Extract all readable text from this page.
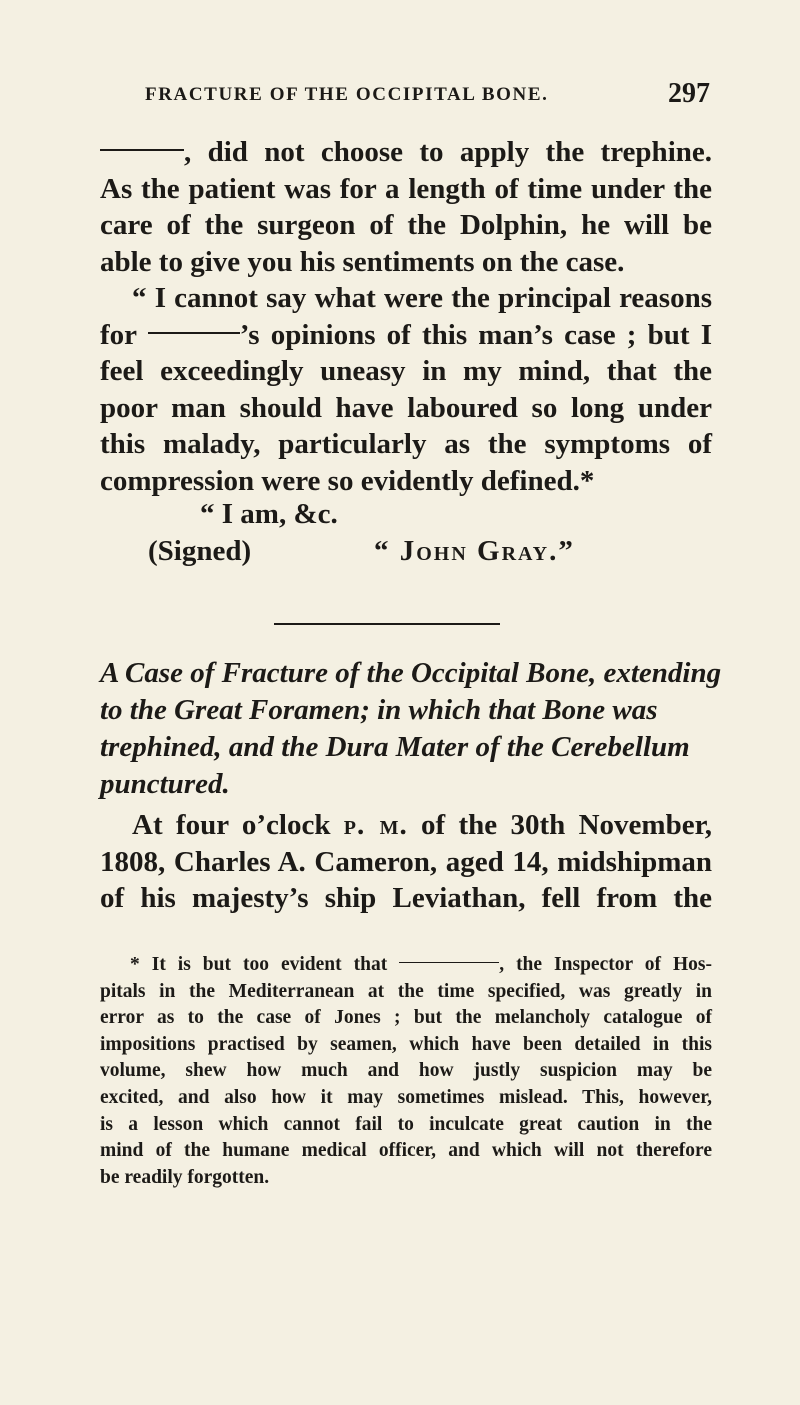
FRACTURE OF THE OCCIPITAL BONE.	297

, did not choose to apply the trephine.

As the patient was for a length of time under the

care of the surgeon of the Dolphin, he will be

able to give you his sentiments on the case.

“ I cannot say what were the principal reasons

for	’s opinions of this man’s case ; but I

feel exceedingly uneasy in my mind, that the

poor man should have laboured so long under

this malady, particularly as the symptoms of

compression were so evidently defined.*

“ I am, &c.
(Signed)	“ John Gray.”

A Case of Fracture of the Occipital Bone, extending

to the Great Foramen; in which that Bone was

trephined, and the Dura Mater of the Cerebellum

punctured.

At four o’clock p. m. of the 30th November,

1808, Charles A. Cameron, aged 14, midshipman

of his majesty’s ship Leviathan, fell from the

* It is but too evident that	, the Inspector of Hos-

pitals in the Mediterranean at the time specified, was greatly in

error as to the case of Jones ; but the melancholy catalogue of

impositions practised by seamen, which have been detailed in this

volume, shew how much and how justly suspicion may be

excited, and also how it may sometimes mislead. This, however,

is a lesson which cannot fail to inculcate great caution in the

mind of the humane medical officer, and which will not therefore

be readily forgotten.
